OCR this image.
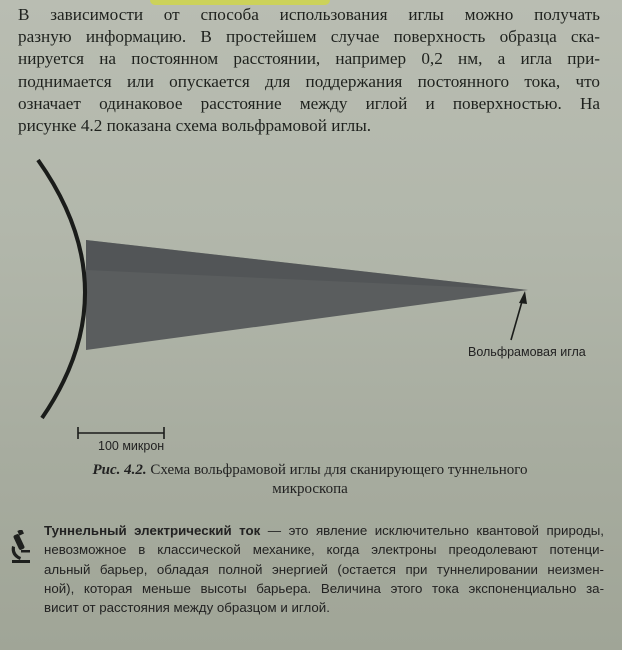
В зависимости от способа использования иглы можно получать
разную информацию. В простейшем случае поверхность образца ска-
нируется на постоянном расстоянии, например 0,2 нм, а игла при-
поднимается или опускается для поддержания постоянного тока, что
означает одинаковое расстояние между иглой и поверхностью. На
рисунке 4.2 показана схема вольфрамовой иглы.
Вольфрамовая игла
100 микрон
Рис. 4.2. Схема вольфрамовой иглы для сканирующего туннельного
микроскопа
Туннельный электрический ток — это явление исключительно квантовой природы,
невозможное в классической механике, когда электроны преодолевают потенци-
альный барьер, обладая полной энергией (остается при туннелировании неизмен-
ной), которая меньше высоты барьера. Величина этого тока экспоненциально за-
висит от расстояния между образцом и иглой.
